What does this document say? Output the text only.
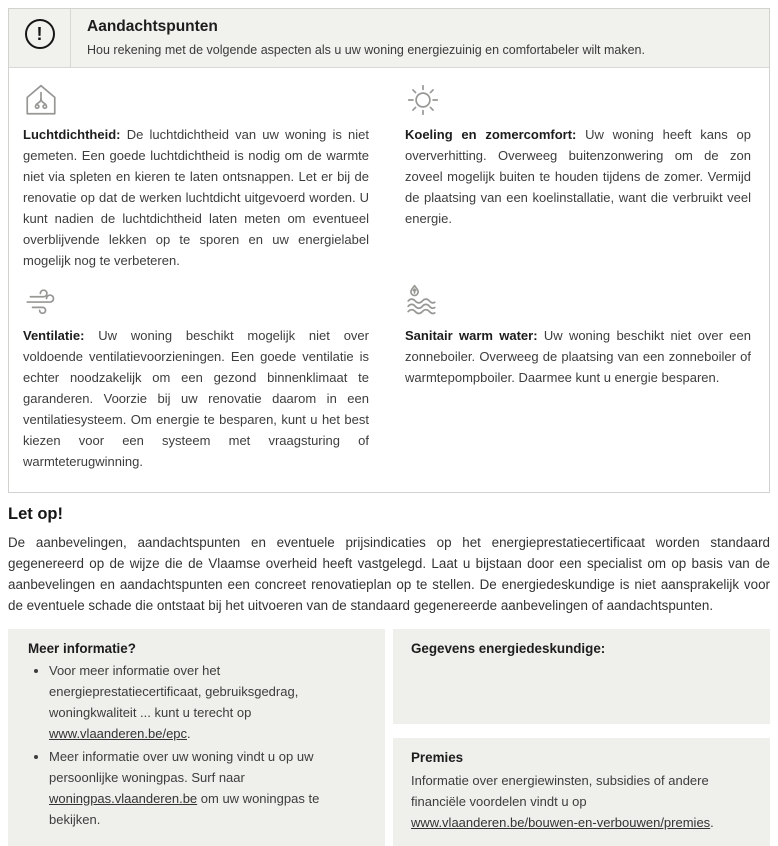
!	Aandachtspunten
Hou rekening met de volgende aspecten als u uw woning energiezuinig en comfortabeler wilt maken.

Luchtdichtheid: De luchtdichtheid van uw woning is niet gemeten. Een goede luchtdichtheid is nodig om de warmte niet via spleten en kieren te laten ontsnappen. Let er bij de renovatie op dat de werken luchtdicht uitgevoerd worden. U kunt nadien de luchtdichtheid laten meten om eventueel overblijvende lekken op te sporen en uw energielabel mogelijk nog te verbeteren.

Koeling en zomercomfort: Uw woning heeft kans op oververhitting. Overweeg buitenzonwering om de zon zoveel mogelijk buiten te houden tijdens de zomer. Vermijd de plaatsing van een koelinstallatie, want die verbruikt veel energie.

Ventilatie: Uw woning beschikt mogelijk niet over voldoende ventilatievoorzieningen. Een goede ventilatie is echter noodzakelijk om een gezond binnenklimaat te garanderen. Voorzie bij uw renovatie daarom in een ventilatiesysteem. Om energie te besparen, kunt u het best kiezen voor een systeem met vraagsturing of warmteterugwinning.

Sanitair warm water: Uw woning beschikt niet over een zonneboiler. Overweeg de plaatsing van een zonneboiler of warmtepompboiler. Daarmee kunt u energie besparen.

Let op!

De aanbevelingen, aandachtspunten en eventuele prijsindicaties op het energieprestatiecertificaat worden standaard gegenereerd op de wijze die de Vlaamse overheid heeft vastgelegd. Laat u bijstaan door een specialist om op basis van de aanbevelingen en aandachtspunten een concreet renovatieplan op te stellen. De energiedeskundige is niet aansprakelijk voor de eventuele schade die ontstaat bij het uitvoeren van de standaard gegenereerde aanbevelingen of aandachtspunten.

Meer informatie?
• Voor meer informatie over het energieprestatiecertificaat, gebruiksgedrag, woningkwaliteit ... kunt u terecht op www.vlaanderen.be/epc.
• Meer informatie over uw woning vindt u op uw persoonlijke woningpas. Surf naar woningpas.vlaanderen.be om uw woningpas te bekijken.
Gegevens energiedeskundige:
Premies

Informatie over energiewinsten, subsidies of andere financiële voordelen vindt u op www.vlaanderen.be/bouwen-en-verbouwen/premies.
